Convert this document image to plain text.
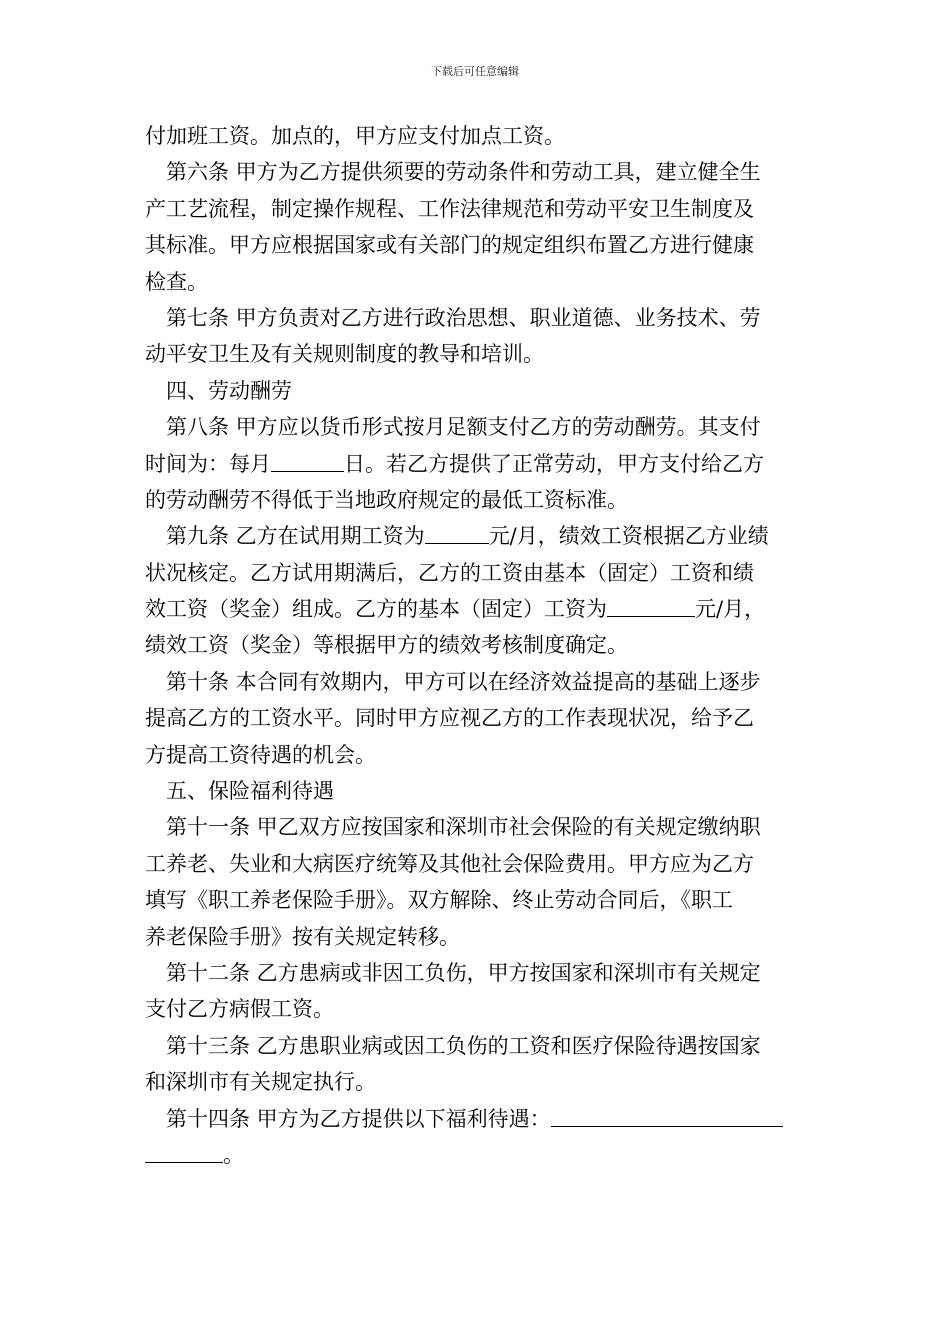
下载后可任意编辑
付加班工资。加点的，甲方应支付加点工资。
第六条 甲方为乙方提供须要的劳动条件和劳动工具，建立健全生
产工艺流程，制定操作规程、工作法律规范和劳动平安卫生制度及
其标准。甲方应根据国家或有关部门的规定组织布置乙方进行健康
检查。
第七条 甲方负责对乙方进行政治思想、职业道德、业务技术、劳
动平安卫生及有关规则制度的教导和培训。
四、劳动酬劳
第八条 甲方应以货币形式按月足额支付乙方的劳动酬劳。其支付
时间为：每月	日。若乙方提供了正常劳动，甲方支付给乙方
的劳动酬劳不得低于当地政府规定的最低工资标准。
第九条 乙方在试用期工资为	元/月，绩效工资根据乙方业绩
状况核定。乙方试用期满后，乙方的工资由基本（固定）工资和绩
效工资（奖金）组成。乙方的基本（固定）工资为	元/月，
绩效工资（奖金）等根据甲方的绩效考核制度确定。
第十条 本合同有效期内，甲方可以在经济效益提高的基础上逐步
提高乙方的工资水平。同时甲方应视乙方的工作表现状况，给予乙
方提高工资待遇的机会。
五、保险福利待遇
第十一条 甲乙双方应按国家和深圳市社会保险的有关规定缴纳职
工养老、失业和大病医疗统筹及其他社会保险费用。甲方应为乙方
填写《职工养老保险手册》。双方解除、终止劳动合同后，《职工
养老保险手册》按有关规定转移。
第十二条 乙方患病或非因工负伤，甲方按国家和深圳市有关规定
支付乙方病假工资。
第十三条 乙方患职业病或因工负伤的工资和医疗保险待遇按国家
和深圳市有关规定执行。
第十四条 甲方为乙方提供以下福利待遇：
。
